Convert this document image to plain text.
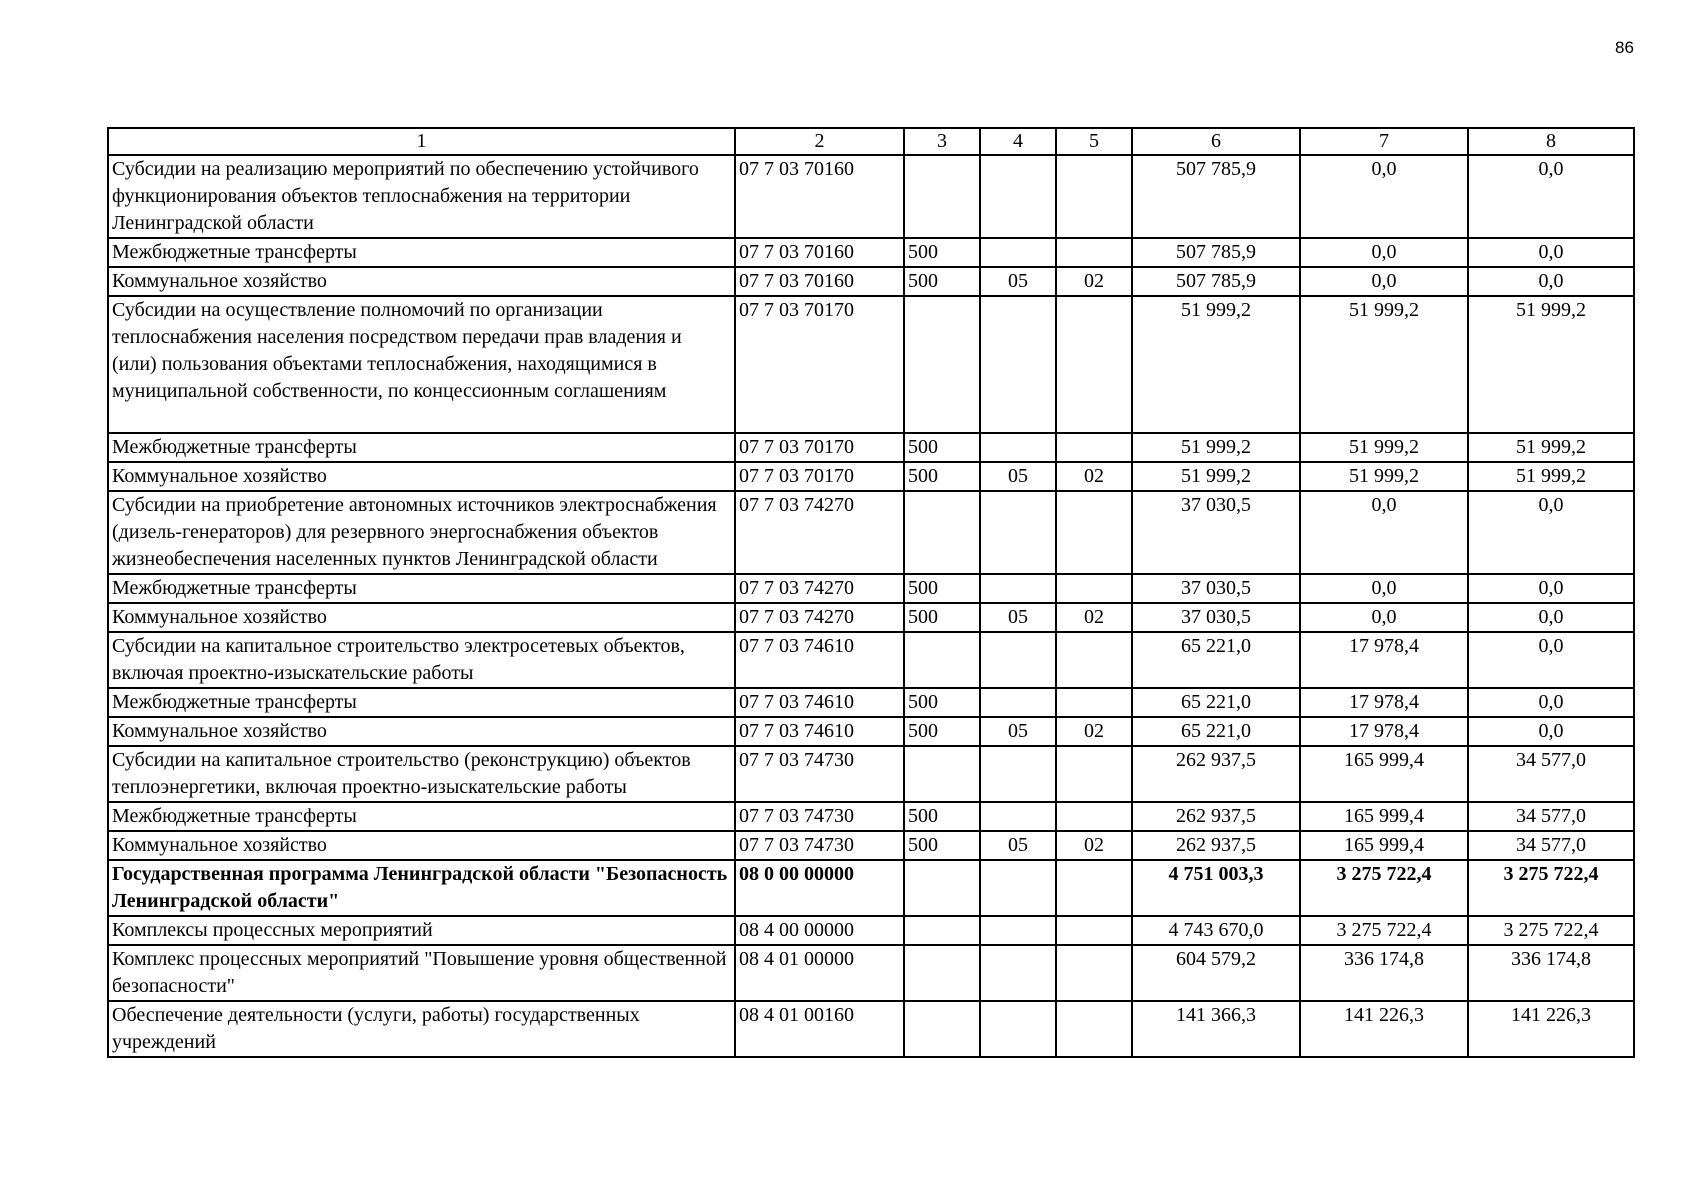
86
1	2	3	4	5	6	7	8
Субсидии на реализацию мероприятий по обеспечению устойчивого функционирования объектов теплоснабжения на территории Ленинградской области	07 7 03 70160				507 785,9	0,0	0,0
Межбюджетные трансферты	07 7 03 70160	500			507 785,9	0,0	0,0
Коммунальное хозяйство	07 7 03 70160	500	05	02	507 785,9	0,0	0,0
Субсидии на осуществление полномочий по организации теплоснабжения населения посредством передачи прав владения и (или) пользования объектами теплоснабжения, находящимися в муниципальной собственности, по концессионным соглашениям	07 7 03 70170				51 999,2	51 999,2	51 999,2
Межбюджетные трансферты	07 7 03 70170	500			51 999,2	51 999,2	51 999,2
Коммунальное хозяйство	07 7 03 70170	500	05	02	51 999,2	51 999,2	51 999,2
Субсидии на приобретение автономных источников электроснабжения (дизель-генераторов) для резервного энергоснабжения объектов жизнеобеспечения населенных пунктов Ленинградской области	07 7 03 74270				37 030,5	0,0	0,0
Межбюджетные трансферты	07 7 03 74270	500			37 030,5	0,0	0,0
Коммунальное хозяйство	07 7 03 74270	500	05	02	37 030,5	0,0	0,0
Субсидии на капитальное строительство электросетевых объектов, включая проектно-изыскательские работы	07 7 03 74610				65 221,0	17 978,4	0,0
Межбюджетные трансферты	07 7 03 74610	500			65 221,0	17 978,4	0,0
Коммунальное хозяйство	07 7 03 74610	500	05	02	65 221,0	17 978,4	0,0
Субсидии на капитальное строительство (реконструкцию) объектов теплоэнергетики, включая проектно-изыскательские работы	07 7 03 74730				262 937,5	165 999,4	34 577,0
Межбюджетные трансферты	07 7 03 74730	500			262 937,5	165 999,4	34 577,0
Коммунальное хозяйство	07 7 03 74730	500	05	02	262 937,5	165 999,4	34 577,0
Государственная программа Ленинградской области "Безопасность Ленинградской области"	08 0 00 00000				4 751 003,3	3 275 722,4	3 275 722,4
Комплексы процессных мероприятий	08 4 00 00000				4 743 670,0	3 275 722,4	3 275 722,4
Комплекс процессных мероприятий "Повышение уровня общественной безопасности"	08 4 01 00000				604 579,2	336 174,8	336 174,8
Обеспечение деятельности (услуги, работы) государственных учреждений	08 4 01 00160				141 366,3	141 226,3	141 226,3
